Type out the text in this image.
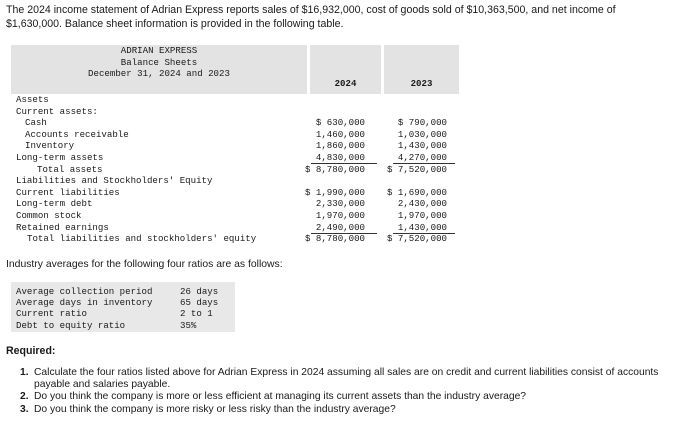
The 2024 income statement of Adrian Express reports sales of $16,932,000, cost of goods sold of $10,363,500, and net income of $1,630,000. Balance sheet information is provided in the following table.
ADRIAN EXPRESS
Balance Sheets
December 31, 2024 and 2023
2024	2023
Assets
Current assets:
Cash	$ 630,000	$ 790,000
Accounts receivable	1,460,000	1,030,000
Inventory	1,860,000	1,430,000
Long-term assets	4,830,000	4,270,000
Total assets	$ 8,780,000 $ 7,520,000
Liabilities and Stockholders' Equity
Current liabilities	$ 1,990,000 $ 1,690,000
Long-term debt	2,330,000	2,430,000
Common stock	1,970,000	1,970,000
Retained earnings	2,490,000	1,430,000
Total liabilities and stockholders' equity	$ 8,780,000 $ 7,520,000
Industry averages for the following four ratios are as follows:
Average collection period	26 days
Average days in inventory	65 days
Current ratio	2 to 1
Debt to equity ratio	35%
Required:
1. Calculate the four ratios listed above for Adrian Express in 2024 assuming all sales are on credit and current liabilities consist of accounts payable and salaries payable.
2. Do you think the company is more or less efficient at managing its current assets than the industry average?
3. Do you think the company is more risky or less risky than the industry average?
